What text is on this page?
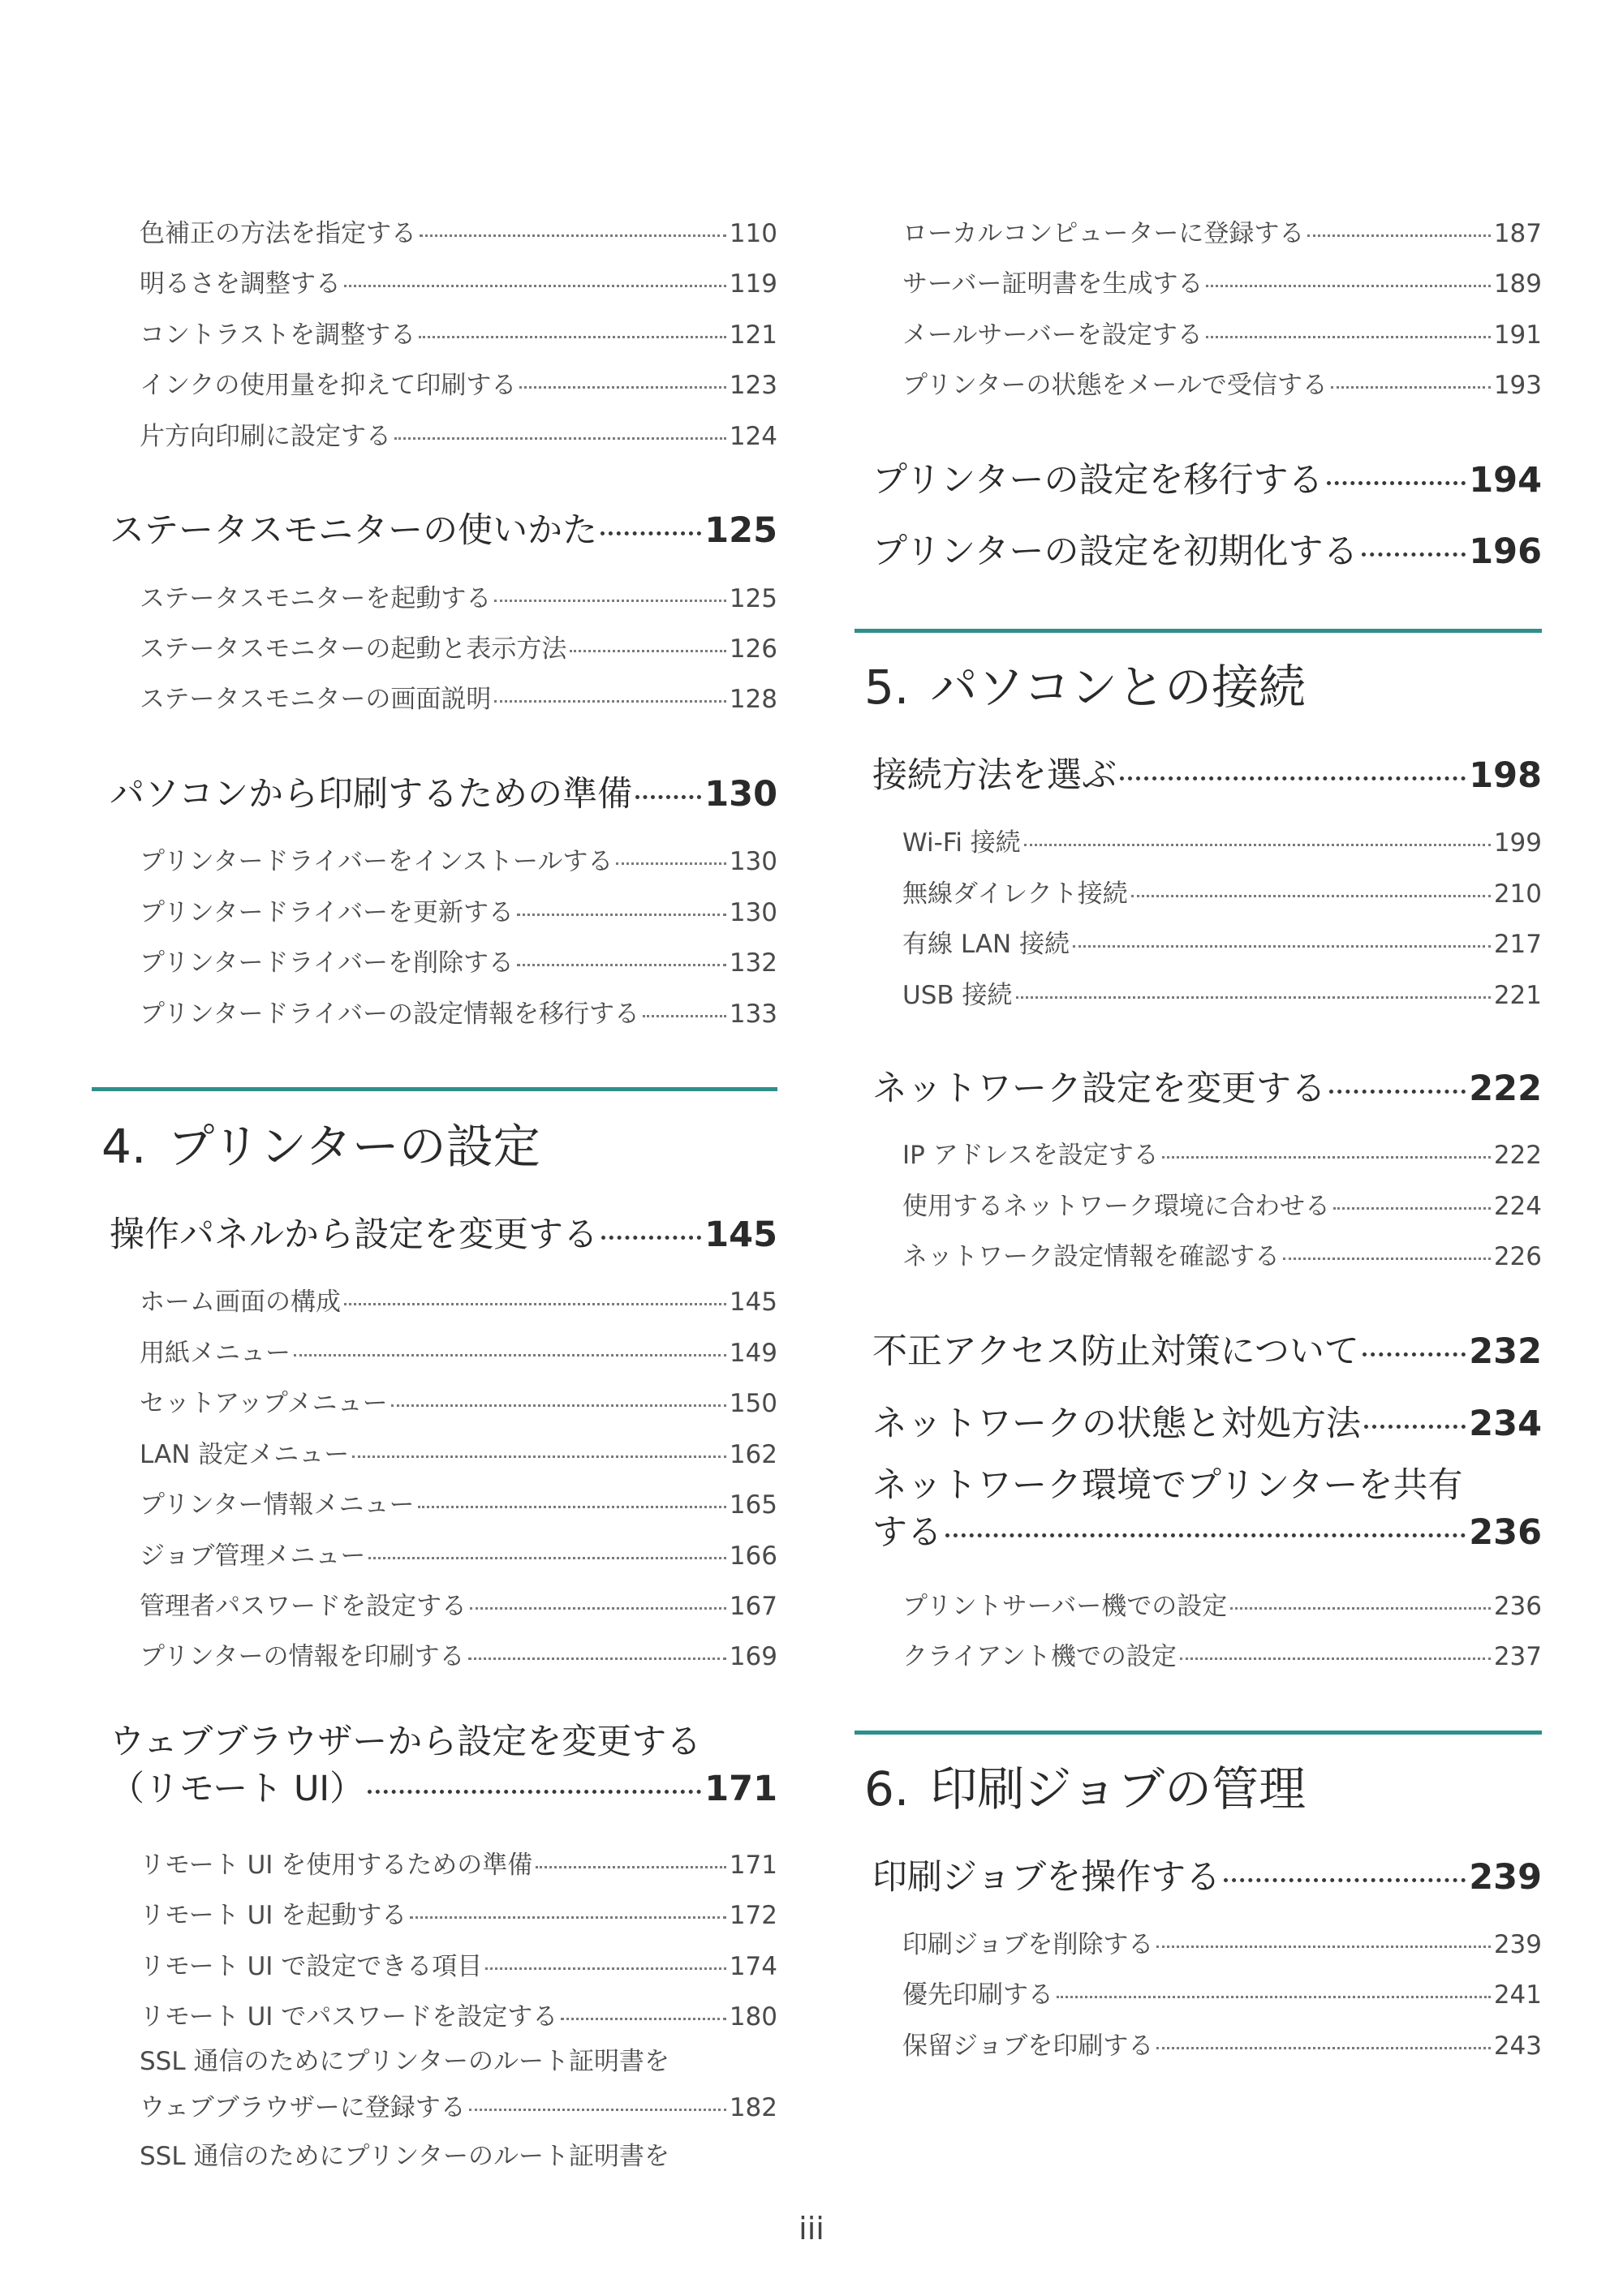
色補正の方法を指定する	110
明るさを調整する	119
コントラストを調整する	121
インクの使用量を抑えて印刷する	123
片方向印刷に設定する	124
ステータスモニターの使いかた	125
ステータスモニターを起動する	125
ステータスモニターの起動と表示方法	126
ステータスモニターの画面説明	128
パソコンから印刷するための準備 130
プリンタードライバーをインストールする	130
プリンタードライバーを更新する	130
プリンタードライバーを削除する	132
プリンタードライバーの設定情報を移行する	133
4. プリンターの設定
操作パネルから設定を変更する	145
ホーム画面の構成	145
用紙メニュー	149
セットアップメニュー	150
LAN 設定メニュー	162
プリンター情報メニュー	165
ジョブ管理メニュー	166
管理者パスワードを設定する	167
プリンターの情報を印刷する	169
ウェブブラウザーから設定を変更する
（リモート UI）	171
リモート UI を使用するための準備	171
リモート UI を起動する	172
リモート UI で設定できる項目	174
リモート UI でパスワードを設定する	180
SSL 通信のためにプリンターのルート証明書を
ウェブブラウザーに登録する	182
SSL 通信のためにプリンターのルート証明書を
ローカルコンピューターに登録する	187
サーバー証明書を生成する	189
メールサーバーを設定する	191
プリンターの状態をメールで受信する	193
プリンターの設定を移行する	194
プリンターの設定を初期化する	196
5. パソコンとの接続
接続方法を選ぶ	198
Wi-Fi 接続	199
無線ダイレクト接続	210
有線 LAN 接続	217
USB 接続	221
ネットワーク設定を変更する	222
IP アドレスを設定する	222
使用するネットワーク環境に合わせる	224
ネットワーク設定情報を確認する	226
不正アクセス防止対策について	232
ネットワークの状態と対処方法	234
ネットワーク環境でプリンターを共有
する	236
プリントサーバー機での設定	236
クライアント機での設定	237
6. 印刷ジョブの管理
印刷ジョブを操作する	239
印刷ジョブを削除する	239
優先印刷する	241
保留ジョブを印刷する	243
iii
